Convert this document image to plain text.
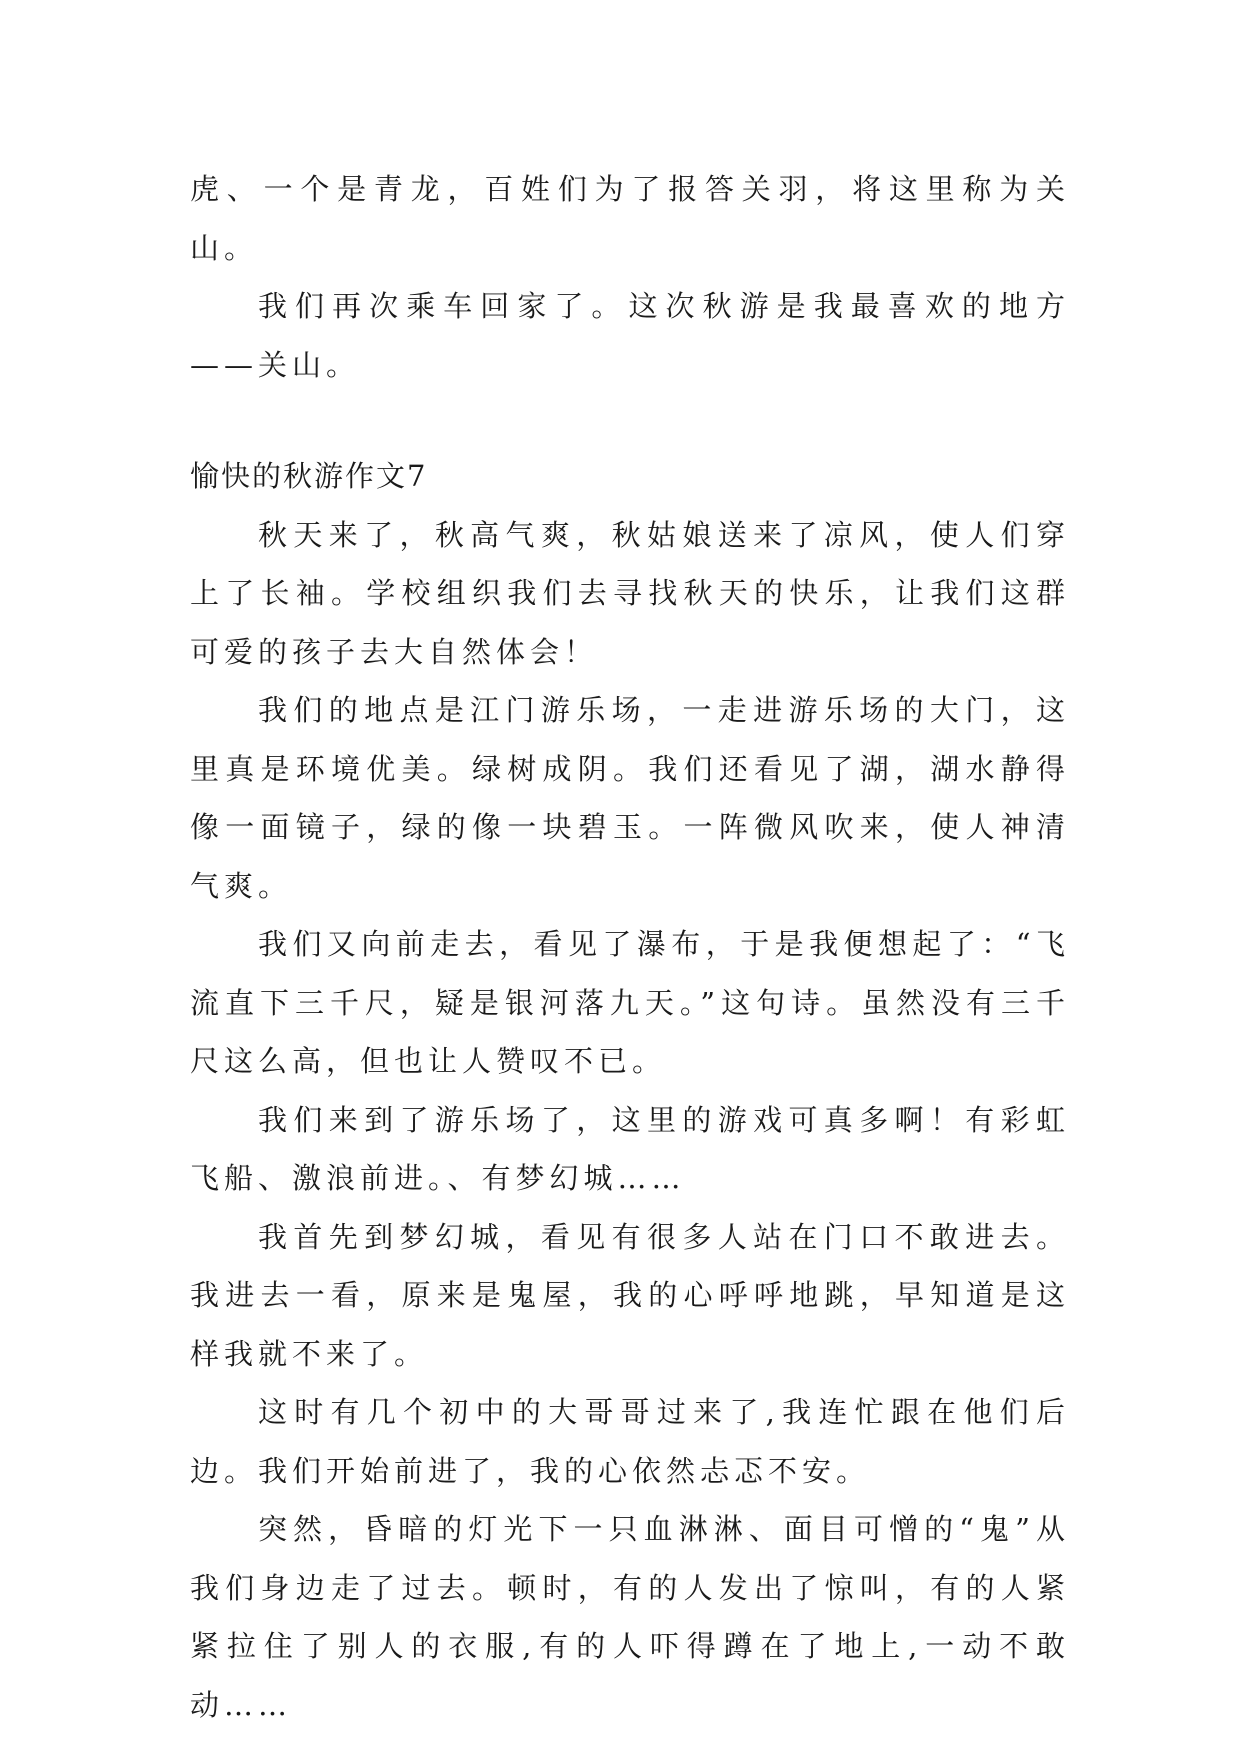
虎、一个是青龙，百姓们为了报答关羽，将这里称为关山。

我们再次乘车回家了。这次秋游是我最喜欢的地方——关山。

愉快的秋游作文7

秋天来了，秋高气爽，秋姑娘送来了凉风，使人们穿上了长袖。学校组织我们去寻找秋天的快乐，让我们这群可爱的孩子去大自然体会！

我们的地点是江门游乐场，一走进游乐场的大门，这里真是环境优美。绿树成阴。我们还看见了湖，湖水静得像一面镜子，绿的像一块碧玉。一阵微风吹来，使人神清气爽。

我们又向前走去，看见了瀑布，于是我便想起了：“飞流直下三千尺，疑是银河落九天。”这句诗。虽然没有三千尺这么高，但也让人赞叹不已。

我们来到了游乐场了，这里的游戏可真多啊！有彩虹飞船、激浪前进。、有梦幻城……

我首先到梦幻城，看见有很多人站在门口不敢进去。我进去一看，原来是鬼屋，我的心呼呼地跳，早知道是这样我就不来了。

这时有几个初中的大哥哥过来了,我连忙跟在他们后边。我们开始前进了，我的心依然忐忑不安。

突然，昏暗的灯光下一只血淋淋、面目可憎的“鬼”从我们身边走了过去。顿时，有的人发出了惊叫，有的人紧紧拉住了别人的衣服,有的人吓得蹲在了地上,一动不敢动……
